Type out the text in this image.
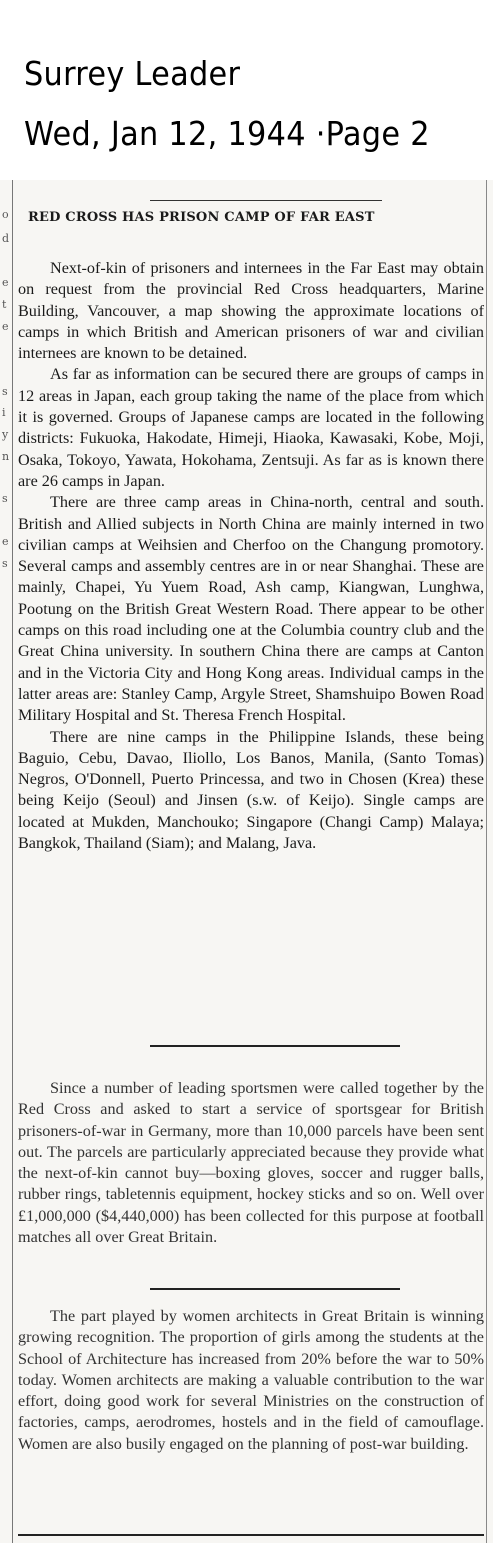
Surrey Leader
Wed, Jan 12, 1944 ·Page 2
o
d
e
t
e
s
i
y
n
s
e
s
RED CROSS HAS PRISON CAMP OF FAR EAST

Next-of-kin of prisoners and internees in the Far East may obtain on request from the provincial Red Cross headquarters, Marine Building, Vancouver, a map showing the approximate locations of camps in which British and American prisoners of war and civilian internees are known to be detained.

As far as information can be secured there are groups of camps in 12 areas in Japan, each group taking the name of the place from which it is governed. Groups of Japanese camps are located in the following districts: Fukuoka, Hakodate, Himeji, Hiaoka, Kawasaki, Kobe, Moji, Osaka, Tokoyo, Yawata, Hokohama, Zentsuji. As far as is known there are 26 camps in Japan.

There are three camp areas in China-north, central and south. British and Allied subjects in North China are mainly interned in two civilian camps at Weihsien and Cherfoo on the Changung promotory. Several camps and assembly centres are in or near Shanghai. These are mainly, Chapei, Yu Yuem Road, Ash camp, Kiangwan, Lunghwa, Pootung on the British Great Western Road. There appear to be other camps on this road including one at the Columbia country club and the Great China university. In southern China there are camps at Canton and in the Victoria City and Hong Kong areas. Individual camps in the latter areas are: Stanley Camp, Argyle Street, Shamshuipo Bowen Road Military Hospital and St. Theresa French Hospital.

There are nine camps in the Philippine Islands, these being Baguio, Cebu, Davao, Iliollo, Los Banos, Manila, (Santo Tomas) Negros, O'Donnell, Puerto Princessa, and two in Chosen (Krea) these being Keijo (Seoul) and Jinsen (s.w. of Keijo). Single camps are located at Mukden, Manchouko; Singapore (Changi Camp) Malaya; Bangkok, Thailand (Siam); and Malang, Java.

Since a number of leading sportsmen were called together by the Red Cross and asked to start a service of sportsgear for British prisoners-of-war in Germany, more than 10,000 parcels have been sent out. The parcels are particularly appreciated because they provide what the next-of-kin cannot buy—boxing gloves, soccer and rugger balls, rubber rings, tabletennis equipment, hockey sticks and so on. Well over £1,000,000 ($4,440,000) has been collected for this purpose at football matches all over Great Britain.

The part played by women architects in Great Britain is winning growing recognition. The proportion of girls among the students at the School of Architecture has increased from 20% before the war to 50% today. Women architects are making a valuable contribution to the war effort, doing good work for several Ministries on the construction of factories, camps, aerodromes, hostels and in the field of camouflage. Women are also busily engaged on the planning of post-war building.
